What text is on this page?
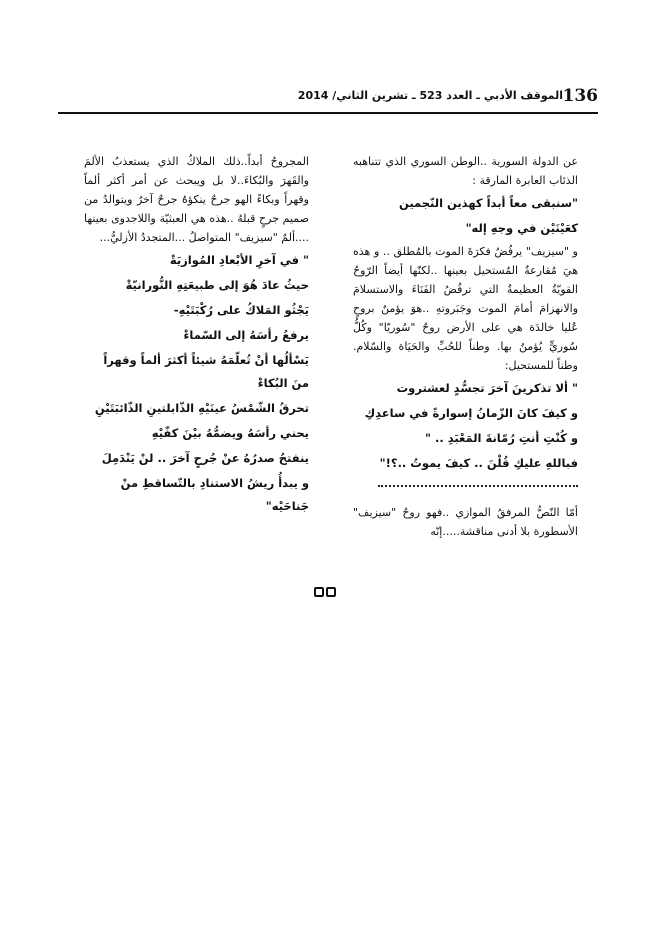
136
الموقف الأدبي ـ العدد 523 ـ تشرين الثاني/ 2014

عن الدولة السورية ..الوطن السوري الذي تتناهبه الذئاب العابرة المارقة :

"سنبقى معاً أبداً كهذين النّجمين

كعَيْنَيْن في وجهِ إله"

و "سيزيف" يرفُضُ فكرَةَ الموت بالمُطلق .. و هذه هيَ مُقارعةٌ المُستحيل بعينها ..لكنّها أيضاً الرّوحُ القويّةُ العظيمةُ التي ترفُضُ الفَنَاءَ والاستسلامَ والانهزامَ أمامَ الموت وجَبَروتهِ ..هوَ يؤمنُ بروحٍ عُليا خالدَة هي على الأرض روحٌ "سُوريّا" وكُلُّ سُوريٍّ يُؤمنُ بها. وطناً للحُبِّ والحَيَاة والسّلام. وطناً للمستحيل:

" ألا تذكرينَ آخرَ تجسُّدٍ لعشتروت

و كيفَ كانَ الزّمانُ إسوارةً في ساعدِكِ

و كُنْتِ أنتِ رُمّانةَ المَعْبَدِ .. "

فباللهِ عليكِ قُلْنَ .. كيفَ يموتُ ..؟!"

أمّا النّصُّ المرفقُ الموازي ..فهو روحُ "سيزيف" الأسطورة بلا أدنى مناقشة.....إنّه

المجروحُ أبداً..ذلك الملاكُ الذي يستعذبُ الألمَ والقَهرَ والبُكاءَ..لا بل ويبحث عن أمر أكثر ألماً وقهراً وبكاءً الهو جرحٌ ينكؤهُ جرحٌ آخرُ ويتوالدُ من صميم جرحٍ قبلهُ ..هذه هي العبثيّة واللاجدوى بعينها ....ألمٌ "سيزيف" المتواصلُ ...المتجددُ الأزليُّ...

" في آخرِ الأبْعادِ المُوازيَةْ

حيثُ عادَ هُوَ إلى طبيعَتِهِ النُّورانيّةْ

يَجْثُو المَلاكُ على رُكْبَتَيْهِ-

يرفعُ رأسَهُ إلى السّماءْ

يَسْألُها أنْ تُعلّمَهُ شيئاً أكثرَ ألماً وقهراً منَ البُكاءْ

تحرقُ الشّمْسُ عينَيْهِ الذّابلتينِ الذّائبَتَيْنِ

يحني رأسَهُ ويضمُّهُ بيْنَ كفّيْهِ

ينفتحُ صدرُهُ عنْ جُرحٍ آخرَ .. لنْ يَنْدَمِلَ

و يبدأُ ريشُ الاستنادِ بالتّساقطِ منْ جَناحَيْه"
